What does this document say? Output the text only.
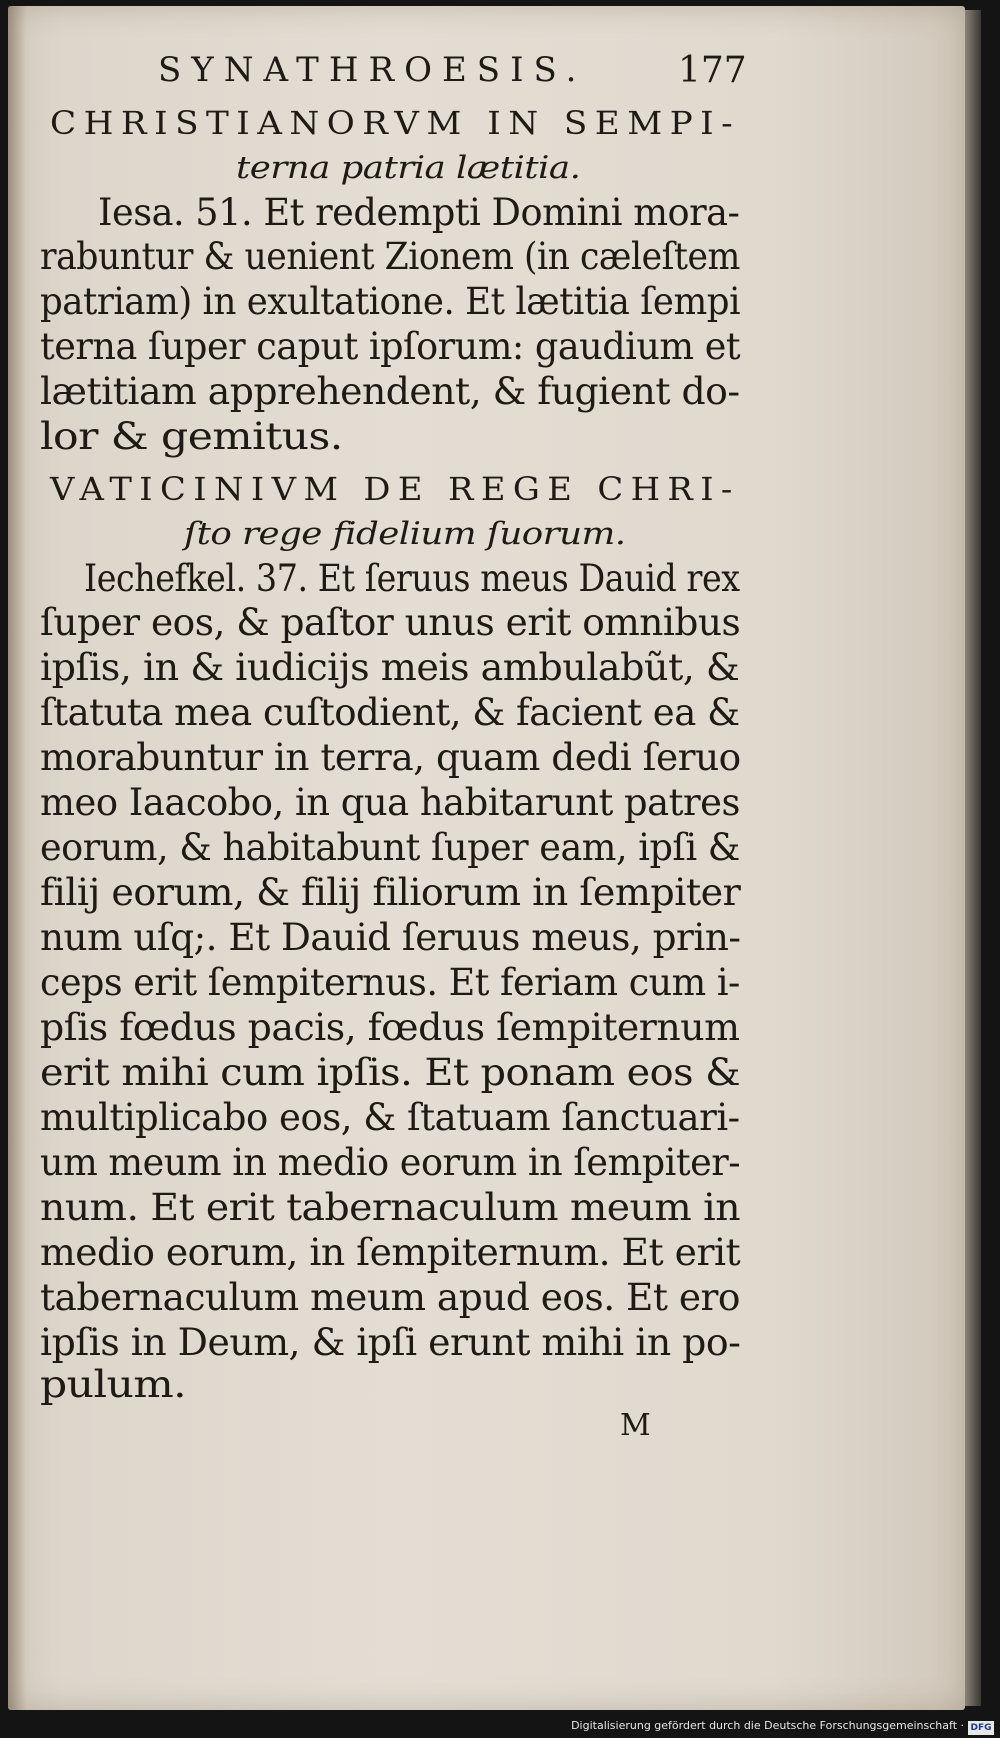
SYNATHROESIS.	177
CHRISTIANORVM IN SEMPI-
terna patria lætitia.
Iesa. 51. Et redempti Domini mora-
rabuntur & uenient Zionem (in cæleſtem
patriam) in exultatione. Et lætitia ſempi
terna ſuper caput ipſorum: gaudium et
lætitiam apprehendent, & fugient do-
lor & gemitus.
VATICINIVM DE REGE CHRI-
ſto rege fidelium ſuorum.
Iechefkel. 37. Et ſeruus meus Dauid rex
ſuper eos, & paſtor unus erit omnibus
ipſis, in & iudicijs meis ambulabũt, &
ſtatuta mea cuſtodient, & facient ea &
morabuntur in terra, quam dedi ſeruo
meo Iaacobo, in qua habitarunt patres
eorum, & habitabunt ſuper eam, ipſi &
filij eorum, & filij filiorum in ſempiter
num uſq;. Et Dauid ſeruus meus, prin-
ceps erit ſempiternus. Et feriam cum i-
pſis fœdus pacis, fœdus ſempiternum
erit mihi cum ipſis. Et ponam eos &
multiplicabo eos, & ſtatuam ſanctuari-
um meum in medio eorum in ſempiter-
num. Et erit tabernaculum meum in
medio eorum, in ſempiternum. Et erit
tabernaculum meum apud eos. Et ero
ipſis in Deum, & ipſi erunt mihi in po-
pulum.
M
Digitalisierung gefördert durch die Deutsche Forschungsgemeinschaft · DFG
